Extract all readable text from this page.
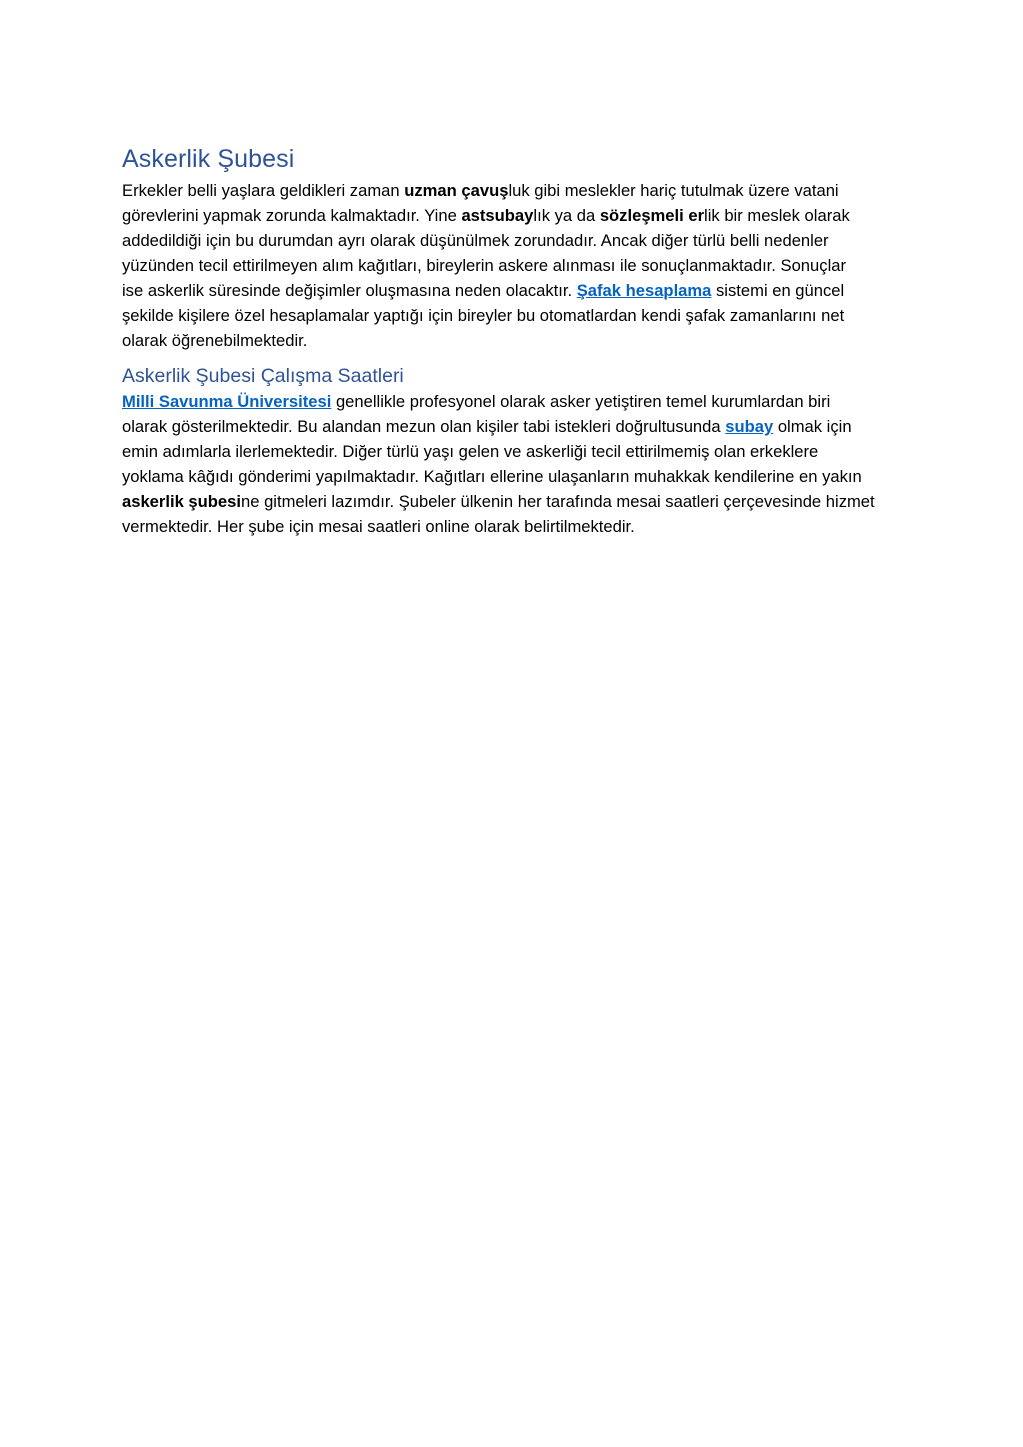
Askerlik Şubesi

Erkekler belli yaşlara geldikleri zaman uzman çavuşluk gibi meslekler hariç tutulmak üzere vatani
görevlerini yapmak zorunda kalmaktadır. Yine astsubaylık ya da sözleşmeli erlik bir meslek olarak
addedildiği için bu durumdan ayrı olarak düşünülmek zorundadır. Ancak diğer türlü belli nedenler
yüzünden tecil ettirilmeyen alım kağıtları, bireylerin askere alınması ile sonuçlanmaktadır. Sonuçlar
ise askerlik süresinde değişimler oluşmasına neden olacaktır. Şafak hesaplama sistemi en güncel
şekilde kişilere özel hesaplamalar yaptığı için bireyler bu otomatlardan kendi şafak zamanlarını net
olarak öğrenebilmektedir.

Askerlik Şubesi Çalışma Saatleri

Milli Savunma Üniversitesi genellikle profesyonel olarak asker yetiştiren temel kurumlardan biri
olarak gösterilmektedir. Bu alandan mezun olan kişiler tabi istekleri doğrultusunda subay olmak için
emin adımlarla ilerlemektedir. Diğer türlü yaşı gelen ve askerliği tecil ettirilmemiş olan erkeklere
yoklama kâğıdı gönderimi yapılmaktadır. Kağıtları ellerine ulaşanların muhakkak kendilerine en yakın
askerlik şubesine gitmeleri lazımdır. Şubeler ülkenin her tarafında mesai saatleri çerçevesinde hizmet
vermektedir. Her şube için mesai saatleri online olarak belirtilmektedir.
